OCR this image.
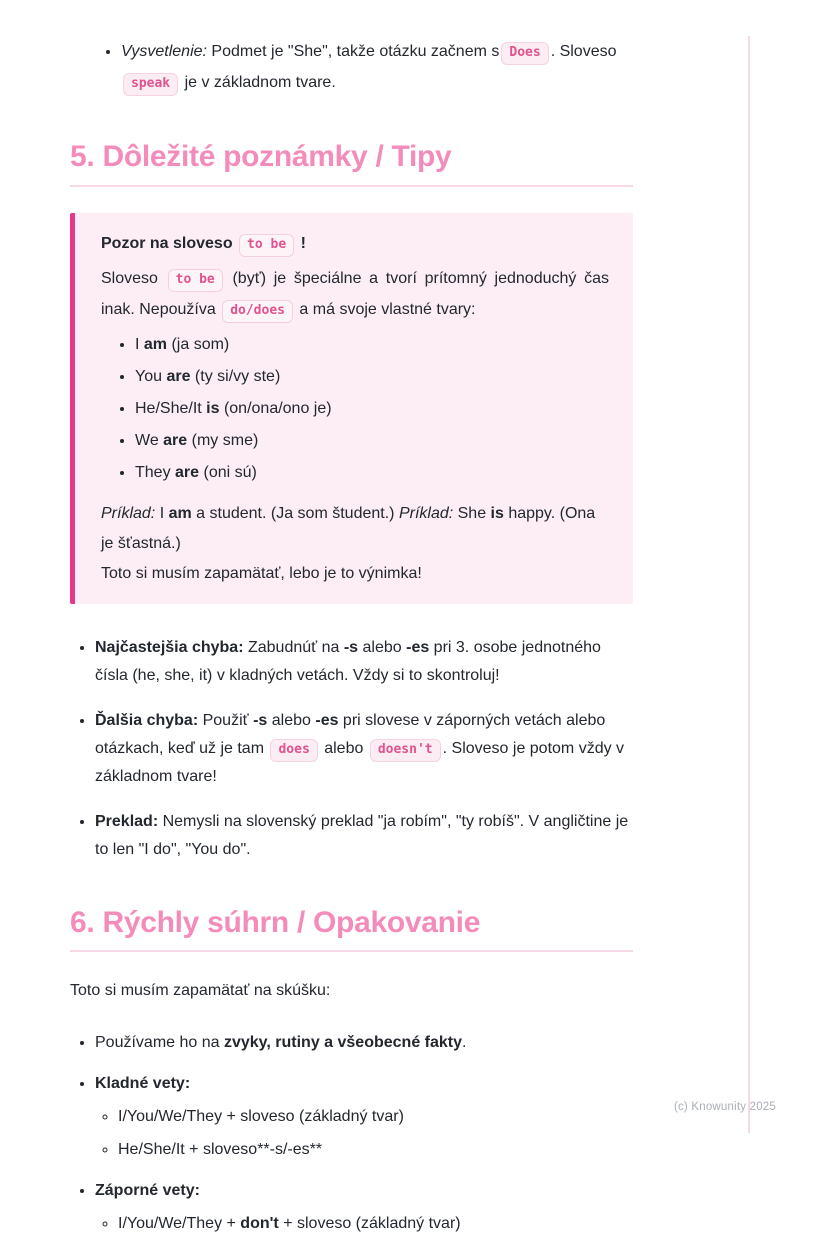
• Vysvetlenie: Podmet je "She", takže otázku začnem s Does . Sloveso speak je v základnom tvare.
5. Dôležité poznámky / Tipy

Pozor na sloveso to be !

Sloveso to be (byť) je špeciálne a tvorí prítomný jednoduchý čas inak. Nepoužíva do/does a má svoje vlastné tvary:

• I am (ja som)
• You are (ty si/vy ste)
• He/She/It is (on/ona/ono je)
• We are (my sme)
• They are (oni sú)

Príklad: I am a student. (Ja som študent.) Príklad: She is happy. (Ona je šťastná.)

Toto si musím zapamätať, lebo je to výnimka!

• Najčastejšia chyba: Zabudnúť na -s alebo -es pri 3. osobe jednotného čísla (he, she, it) v kladných vetách. Vždy si to skontroluj!
• Ďalšia chyba: Použiť -s alebo -es pri slovese v záporných vetách alebo otázkach, keď už je tam does alebo doesn't . Sloveso je potom vždy v základnom tvare!
• Preklad: Nemysli na slovenský preklad "ja robím", "ty robíš". V angličtine je to len "I do", "You do".
6. Rýchly súhrn / Opakovanie

Toto si musím zapamätať na skúšku:

• Používame ho na zvyky, rutiny a všeobecné fakty.
• Kladné vety:
◦ I/You/We/They + sloveso (základný tvar)
◦ He/She/It + sloveso**-s/-es**
• Záporné vety:
◦ I/You/We/They + don't + sloveso (základný tvar)
(c) Knowunity 2025
